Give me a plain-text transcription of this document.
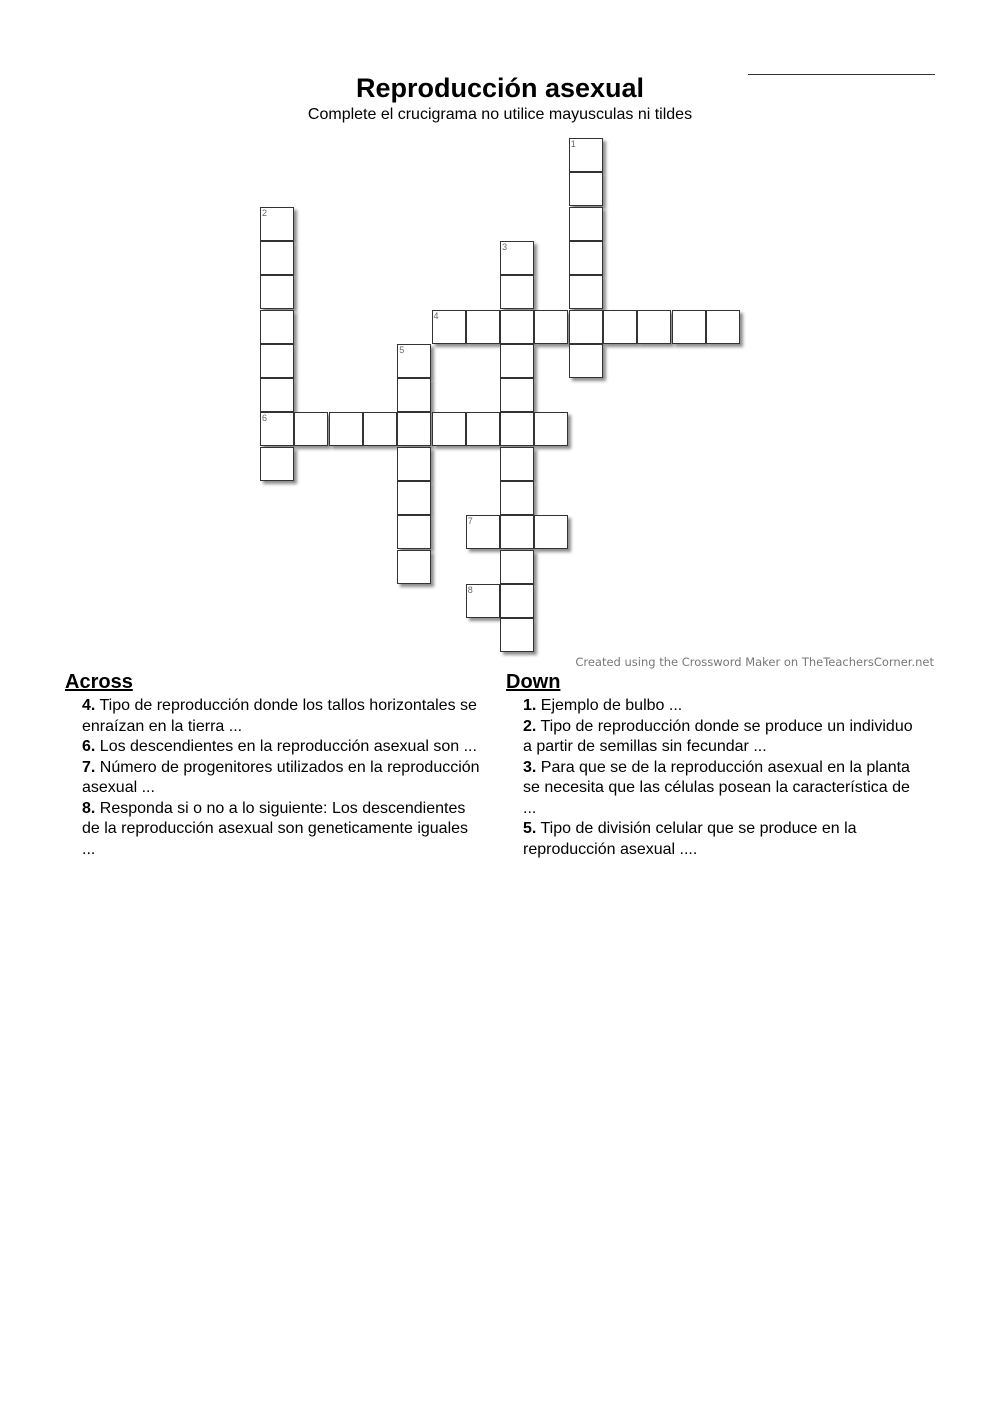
Reproducción asexual
Complete el crucigrama no utilice mayusculas ni tildes
1
2
3
4
5
6
7
8
Created using the Crossword Maker on TheTeachersCorner.net
Across
4. Tipo de reproducción donde los tallos horizontales se enraízan en la tierra ...
6. Los descendientes en la reproducción asexual son ...
7. Número de progenitores utilizados en la reproducción asexual ...
8. Responda si o no a lo siguiente: Los descendientes de la reproducción asexual son geneticamente iguales ...
Down
1. Ejemplo de bulbo ...
2. Tipo de reproducción donde se produce un individuo a partir de semillas sin fecundar ...
3. Para que se de la reproducción asexual en la planta se necesita que las células posean la característica de ...
5. Tipo de división celular que se produce en la reproducción asexual ....
